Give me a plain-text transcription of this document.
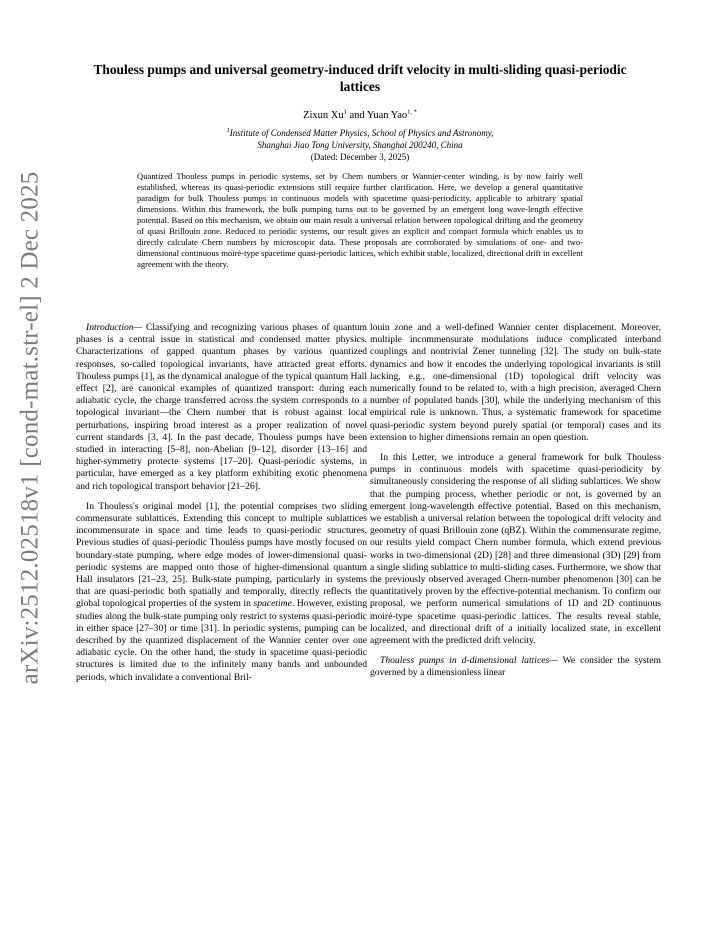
arXiv:2512.02518v1 [cond-mat.str-el] 2 Dec 2025
Thouless pumps and universal geometry-induced drift velocity in multi-sliding quasi-periodic lattices
Zixun Xu$^1$ and Yuan Yao$^{1, *}$
$^1$Institute of Condensed Matter Physics, School of Physics and Astronomy,
Shanghai Jiao Tong University, Shanghai 200240, China
(Dated: December 3, 2025)

Quantized Thouless pumps in periodic systems, set by Chern numbers or Wannier-center winding, is by now fairly well established, whereas its quasi-periodic extensions still require further clarification. Here, we develop a general quantitative paradigm for bulk Thouless pumps in continuous models with spacetime quasi-periodicity, applicable to arbitrary spatial dimensions. Within this framework, the bulk pumping turns out to be governed by an emergent long wave-length effective potential. Based on this mechanism, we obtain our main result a universal relation between topological drifting and the geometry of quasi Brillouin zone. Reduced to periodic systems, our result gives an explicit and compact formula which enables us to directly calculate Chern numbers by microscopic data. These proposals are corroborated by simulations of one- and two-dimensional continuous moiré-type spacetime quasi-periodic lattices, which exhibit stable, localized, directional drift in excellent agreement with the theory.

Introduction— Classifying and recognizing various phases of quantum phases is a central issue in statistical and condensed matter physics. Characterizations of gapped quantum phases by various quantized responses, so-called topological invariants, have attracted great efforts. Thouless pumps [1], as the dynamical analogue of the typical quantum Hall effect [2], are canonical examples of quantized transport: during each adiabatic cycle, the charge transferred across the system corresponds to a topological invariant—the Chern number that is robust against local perturbations, inspiring broad interest as a proper realization of novel current standards [3, 4]. In the past decade, Thouless pumps have been studied in interacting [5–8], non-Abelian [9–12], disorder [13–16] and higher-symmetry protecte systems [17–20]. Quasi-periodic systems, in particular, have emerged as a key platform exhibiting exotic phenomena and rich topological transport behavior [21–26].

In Thouless's original model [1], the potential comprises two sliding commensurate sublattices. Extending this concept to multiple sublattices incommensurate in space and time leads to quasi-periodic structures. Previous studies of quasi-periodic Thouless pumps have mostly focused on boundary-state pumping, where edge modes of lower-dimensional quasi-periodic systems are mapped onto those of higher-dimensional quantum Hall insulators [21–23, 25]. Bulk-state pumping, particularly in systems that are quasi-periodic both spatially and temporally, directly reflects the global topological properties of the system in spacetime. However, existing studies along the bulk-state pumping only restrict to systems quasi-periodic in either space [27–30] or time [31]. In periodic systems, pumping can be described by the quantized displacement of the Wannier center over one adiabatic cycle. On the other hand, the study in spacetime quasi-periodic structures is limited due to the infinitely many bands and unbounded periods, which invalidate a conventional Bril-

louin zone and a well-defined Wannier center displacement. Moreover, multiple incommensurate modulations induce complicated interband couplings and nontrivial Zener tunneling [32]. The study on bulk-state dynamics and how it encodes the underlying topological invariants is still lacking, e.g., one-dimensional (1D) topological drift velocity was numerically found to be related to, with a high precision, averaged Chern number of populated bands [30], while the underlying mechanism of this empirical rule is unknown. Thus, a systematic framework for spacetime quasi-periodic system beyond purely spatial (or temporal) cases and its extension to higher dimensions remain an open question.

In this Letter, we introduce a general framework for bulk Thouless pumps in continuous models with spacetime quasi-periodicity by simultaneously considering the response of all sliding sublattices. We show that the pumping process, whether periodic or not, is governed by an emergent long-wavelength effective potential. Based on this mechanism, we establish a universal relation between the topological drift velocity and geometry of quasi Brillouin zone (qBZ). Within the commensurate regime, our results yield compact Chern number formula, which extend previous works in two-dimensional (2D) [28] and three dimensional (3D) [29] from a single sliding sublattice to multi-sliding cases. Furthermore, we show that the previously observed averaged Chern-number phenomenon [30] can be quantitatively proven by the effective-potential mechanism. To confirm our proposal, we perform numerical simulations of 1D and 2D continuous moiré-type spacetime quasi-periodic lattices. The results reveal stable, localized, and directional drift of a initially localized state, in excellent agreement with the predicted drift velocity.

Thouless pumps in d-dimensional lattices— We consider the system governed by a dimensionless linear
